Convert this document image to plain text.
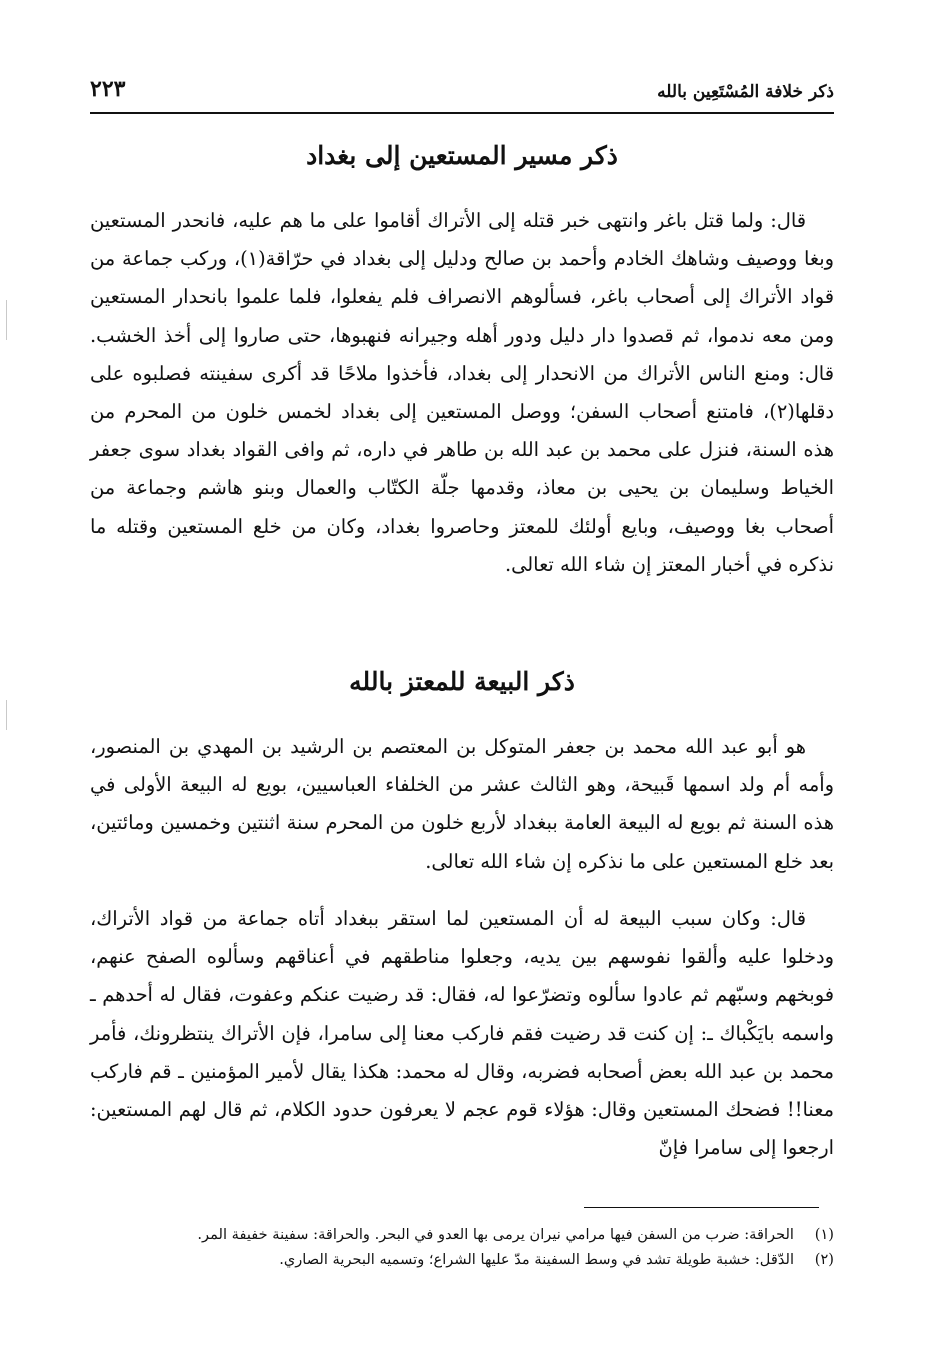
ذكر خلافة المُسْتَعِين بالله
٢٢٣
ذكر مسير المستعين إلى بغداد

قال: ولما قتل باغر وانتهى خبر قتله إلى الأتراك أقاموا على ما هم عليه، فانحدر المستعين وبغا ووصيف وشاهك الخادم وأحمد بن صالح ودليل إلى بغداد في حرّاقة(١)، وركب جماعة من قواد الأتراك إلى أصحاب باغر، فسألوهم الانصراف فلم يفعلوا، فلما علموا بانحدار المستعين ومن معه ندموا، ثم قصدوا دار دليل ودور أهله وجيرانه فنهبوها، حتى صاروا إلى أخذ الخشب. قال: ومنع الناس الأتراك من الانحدار إلى بغداد، فأخذوا ملاحًا قد أكرى سفينته فصلبوه على دقلها(٢)، فامتنع أصحاب السفن؛ ووصل المستعين إلى بغداد لخمس خلون من المحرم من هذه السنة، فنزل على محمد بن عبد الله بن طاهر في داره، ثم وافى القواد بغداد سوى جعفر الخياط وسليمان بن يحيى بن معاذ، وقدمها جلّة الكتّاب والعمال وبنو هاشم وجماعة من أصحاب بغا ووصيف، وبايع أولئك للمعتز وحاصروا بغداد، وكان من خلع المستعين وقتله ما نذكره في أخبار المعتز إن شاء الله تعالى.

ذكر البيعة للمعتز بالله

هو أبو عبد الله محمد بن جعفر المتوكل بن المعتصم بن الرشيد بن المهدي بن المنصور، وأمه أم ولد اسمها قَبيحة، وهو الثالث عشر من الخلفاء العباسيين، بويع له البيعة الأولى في هذه السنة ثم بويع له البيعة العامة ببغداد لأربع خلون من المحرم سنة اثنتين وخمسين ومائتين، بعد خلع المستعين على ما نذكره إن شاء الله تعالى.

قال: وكان سبب البيعة له أن المستعين لما استقر ببغداد أتاه جماعة من قواد الأتراك، ودخلوا عليه وألقوا نفوسهم بين يديه، وجعلوا مناطقهم في أعناقهم وسألوه الصفح عنهم، فوبخهم وسبّهم ثم عادوا سألوه وتضرّعوا له، فقال: قد رضيت عنكم وعفوت، فقال له أحدهم ـ واسمه بايَكْباك ـ: إن كنت قد رضيت فقم فاركب معنا إلى سامرا، فإن الأتراك ينتظرونك، فأمر محمد بن عبد الله بعض أصحابه فضربه، وقال له محمد: هكذا يقال لأمير المؤمنين ـ قم فاركب معنا!! فضحك المستعين وقال: هؤلاء قوم عجم لا يعرفون حدود الكلام، ثم قال لهم المستعين: ارجعوا إلى سامرا فإنّ

(١)
الحراقة: ضرب من السفن فيها مرامي نيران يرمى بها العدو في البحر. والحراقة: سفينة خفيفة المر.
(٢)
الدّقل: خشبة طويلة تشد في وسط السفينة مدّ عليها الشراع؛ وتسميه البحرية الصاري.
